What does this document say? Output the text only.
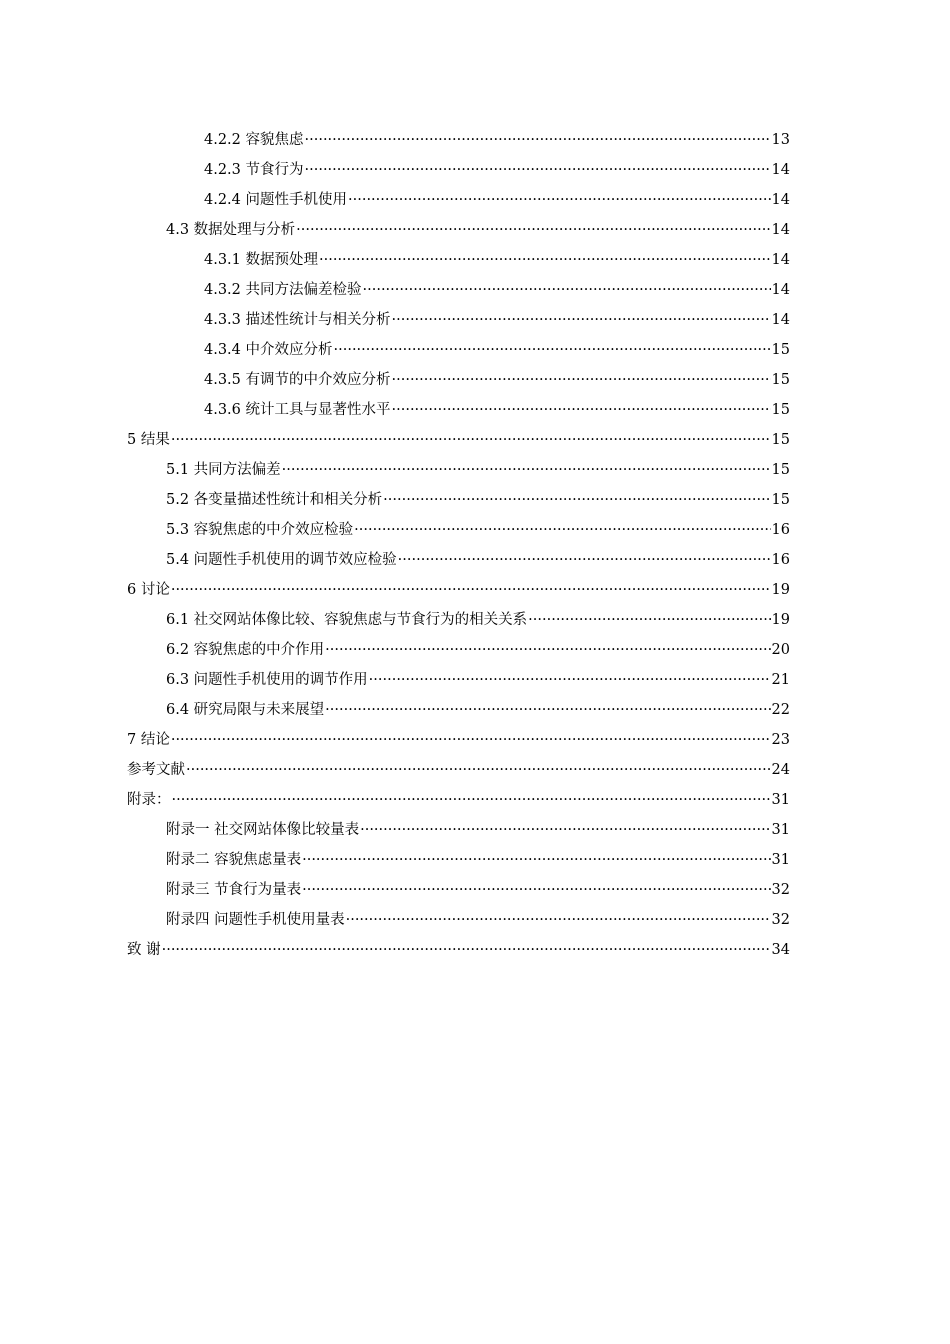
4.2.2 容貌焦虑 ·····	13
4.2.3 节食行为 ·····	14
4.2.4 问题性手机使用 ·····	14
4.3 数据处理与分析 ·····	14
4.3.1 数据预处理 ·····	14
4.3.2 共同方法偏差检验 ·····	14
4.3.3 描述性统计与相关分析 ·····	14
4.3.4 中介效应分析 ·····	15
4.3.5 有调节的中介效应分析 ·····	15
4.3.6 统计工具与显著性水平 ·····	15
5 结果 ·····	15
5.1 共同方法偏差 ·····	15
5.2 各变量描述性统计和相关分析 ·····	15
5.3 容貌焦虑的中介效应检验 ·····	16
5.4 问题性手机使用的调节效应检验 ·····	16
6 讨论 ·····	19
6.1 社交网站体像比较、容貌焦虑与节食行为的相关关系 ·····	19
6.2 容貌焦虑的中介作用 ·····	20
6.3 问题性手机使用的调节作用 ·····	21
6.4 研究局限与未来展望 ·····	22
7 结论 ·····	23
参考文献 ·····	24
附录： ·····	31
附录一 社交网站体像比较量表 ·····	31
附录二 容貌焦虑量表 ·····	31
附录三 节食行为量表 ·····	32
附录四 问题性手机使用量表 ·····	32
致 谢 ·····	34
